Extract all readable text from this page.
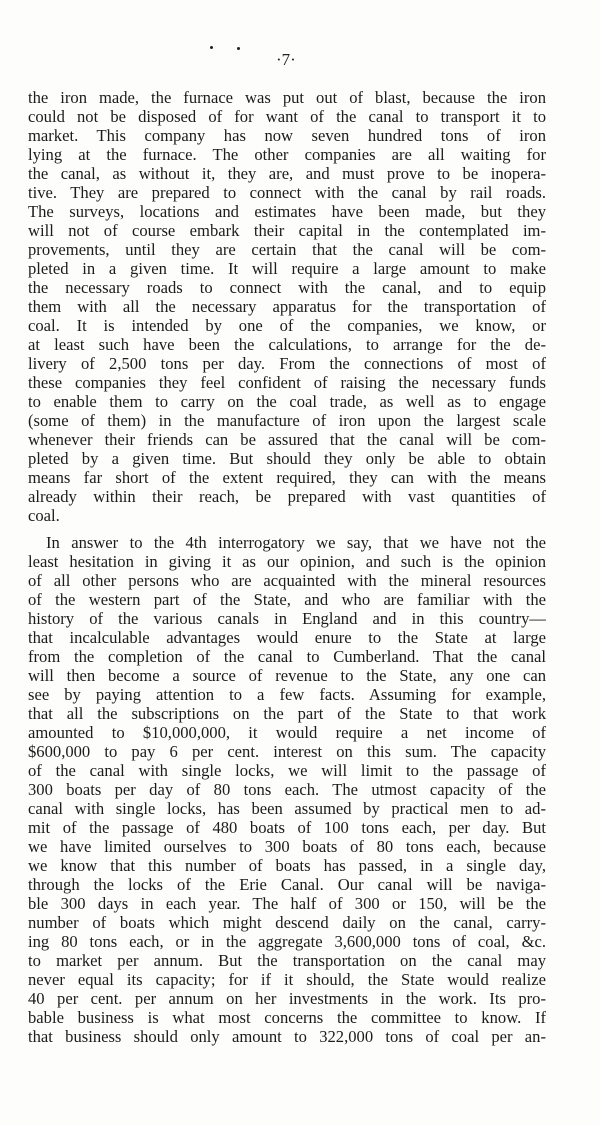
·7·
the iron made, the furnace was put out of blast, because the iron
could not be disposed of for want of the canal to transport it to
market. This company has now seven hundred tons of iron
lying at the furnace. The other companies are all waiting for
the canal, as without it, they are, and must prove to be inopera-
tive. They are prepared to connect with the canal by rail roads.
The surveys, locations and estimates have been made, but they
will not of course embark their capital in the contemplated im-
provements, until they are certain that the canal will be com-
pleted in a given time. It will require a large amount to make
the necessary roads to connect with the canal, and to equip
them with all the necessary apparatus for the transportation of
coal. It is intended by one of the companies, we know, or
at least such have been the calculations, to arrange for the de-
livery of 2,500 tons per day. From the connections of most of
these companies they feel confident of raising the necessary funds
to enable them to carry on the coal trade, as well as to engage
(some of them) in the manufacture of iron upon the largest scale
whenever their friends can be assured that the canal will be com-
pleted by a given time. But should they only be able to obtain
means far short of the extent required, they can with the means
already within their reach, be prepared with vast quantities of
coal.
In answer to the 4th interrogatory we say, that we have not the
least hesitation in giving it as our opinion, and such is the opinion
of all other persons who are acquainted with the mineral resources
of the western part of the State, and who are familiar with the
history of the various canals in England and in this country—
that incalculable advantages would enure to the State at large
from the completion of the canal to Cumberland. That the canal
will then become a source of revenue to the State, any one can
see by paying attention to a few facts. Assuming for example,
that all the subscriptions on the part of the State to that work
amounted to $10,000,000, it would require a net income of
$600,000 to pay 6 per cent. interest on this sum. The capacity
of the canal with single locks, we will limit to the passage of
300 boats per day of 80 tons each. The utmost capacity of the
canal with single locks, has been assumed by practical men to ad-
mit of the passage of 480 boats of 100 tons each, per day. But
we have limited ourselves to 300 boats of 80 tons each, because
we know that this number of boats has passed, in a single day,
through the locks of the Erie Canal. Our canal will be naviga-
ble 300 days in each year. The half of 300 or 150, will be the
number of boats which might descend daily on the canal, carry-
ing 80 tons each, or in the aggregate 3,600,000 tons of coal, &c.
to market per annum. But the transportation on the canal may
never equal its capacity; for if it should, the State would realize
40 per cent. per annum on her investments in the work. Its pro-
bable business is what most concerns the committee to know. If
that business should only amount to 322,000 tons of coal per an-
